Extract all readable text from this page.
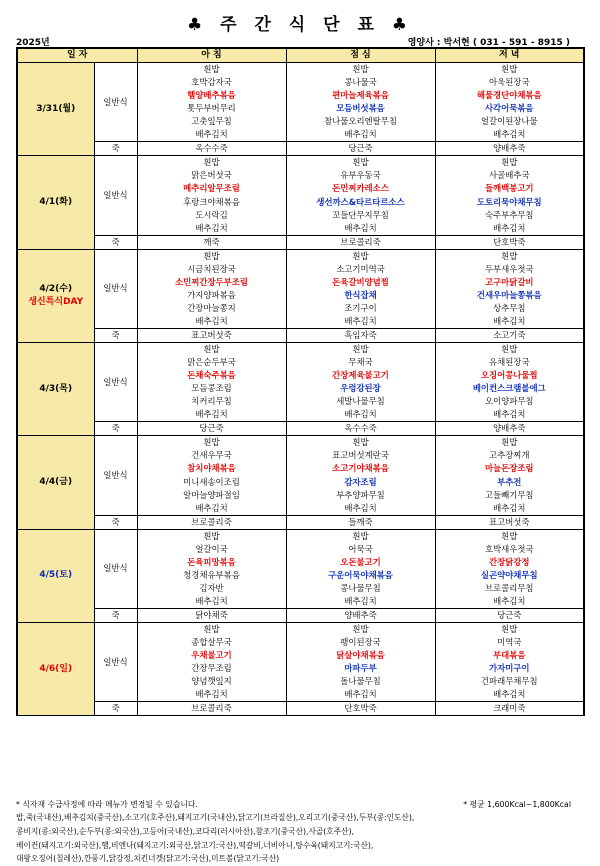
♣ 주 간 식 단 표 ♣
2025년	영양사 : 박서현 ( 031 - 591 - 8915 )
일 자		아 침	점 심	저 녁
3/31(월)	일반식	흰밥	흰밥	흰밥
		호박감자국	콩나물국	아욱된장국
		햄양배추볶음	편마늘제육볶음	해물경단야채볶음
		톳두부버무리	모듬버섯볶음	사각어묵볶음
		고춧잎무침	참나물오리엔탈무침	얼갈이된장나물
		배추김치	배추김치	배추김치
	죽	옥수수죽	당근죽	양배추죽
4/1(화)	일반식	흰밥	흰밥	흰밥
		맑은버섯국	유부우동국	사골배추국
		메추리알무조림	돈민찌카레소스	들깨백봉고기
		후랑크야채볶음	생선까스&타르타르소스	도토리묵야채무침
		도시락김	꼬들단무지무침	숙주부추무침
		배추김치	배추김치	배추김치
	죽	깨죽	브로콜리죽	단호박죽
4/2(수)
생신특식DAY	일반식	흰밥	흰밥	흰밥
		시금치된장국	소고기미역국	두부새우젓국
		소민찌간장두부조림	돈육갈비양념찜	고구마닭갈비
		가지양파볶음	한식잡채	건새우마늘쫑볶음
		간장마늘쫑지	조기구이	상추무침
		배추김치	배추김치	배추김치
	죽	표고버섯죽	흑임자죽	소고기죽
4/3(목)	일반식	흰밥	흰밥	흰밥
		맑은순두부국	무채국	유채된장국
		돈채숙주볶음	간장제육불고기	오징어콩나물찜
		모듬콩조림	우렁강된장	베이컨스크램블에그
		치커리무침	세발나물무침	오이양파무침
		배추김치	배추김치	배추김치
	죽	당근죽	옥수수죽	양배추죽
4/4(금)	일반식	흰밥	흰밥	흰밥
		건새우무국	표고버섯계란국	고추장찌개
		참치야채볶음	소고기야채볶음	마늘돈장조림
		미니새송이조림	감자조림	부추전
		알마늘양파절임	부추양파무침	고들빼기무침
		배추김치	배추김치	배추김치
	죽	브로콜리죽	들깨죽	표고버섯죽
4/5(토)	일반식	흰밥	흰밥	흰밥
		얼갈이국	어묵국	호박새우젓국
		돈육피망볶음	오돈불고기	간장닭강정
		청경채유부볶음	구운어묵야채볶음	실곤약야채무침
		김자반	콩나물무침	브로콜리무침
		배추김치	배추김치	배추김치
	죽	닭야채죽	양배추죽	당근죽
4/6(일)	일반식	흰밥	흰밥	흰밥
		종합살무국	팽이된장국	미역국
		우채불고기	닭살야채볶음	부대볶음
		간장무조림	마파두부	가자미구이
		양념깻잎지	돌나물무침	건파래무채무침
		배추김치	배추김치	배추김치
	죽	브로콜리죽	단호박죽	크래미죽
* 식자재 수급사정에 따라 메뉴가 변경될 수 있습니다.	* 평균 1,600Kcal~1,800Kcal
밥,죽(국내산),배추김치(중국산),소고기(호주산),돼지고기(국내산),닭고기(브라질산),오리고기(중국산),두부(콩:인도산),
콩비지(콩:외국산),순두부(콩:외국산),고등어(국내산),코다리(러시아산),참조기(중국산),사골(호주산),
베이컨(돼지고기:외국산),햄,비엔나(돼지고기:외국산,닭고기:국산),떡갈비,너비아니,탕수육(돼지고기:국산),
대왕오징어(칠레산),깐풍기,닭강정,치킨너겟(닭고기:국산),미트볼(닭고기:국산)
